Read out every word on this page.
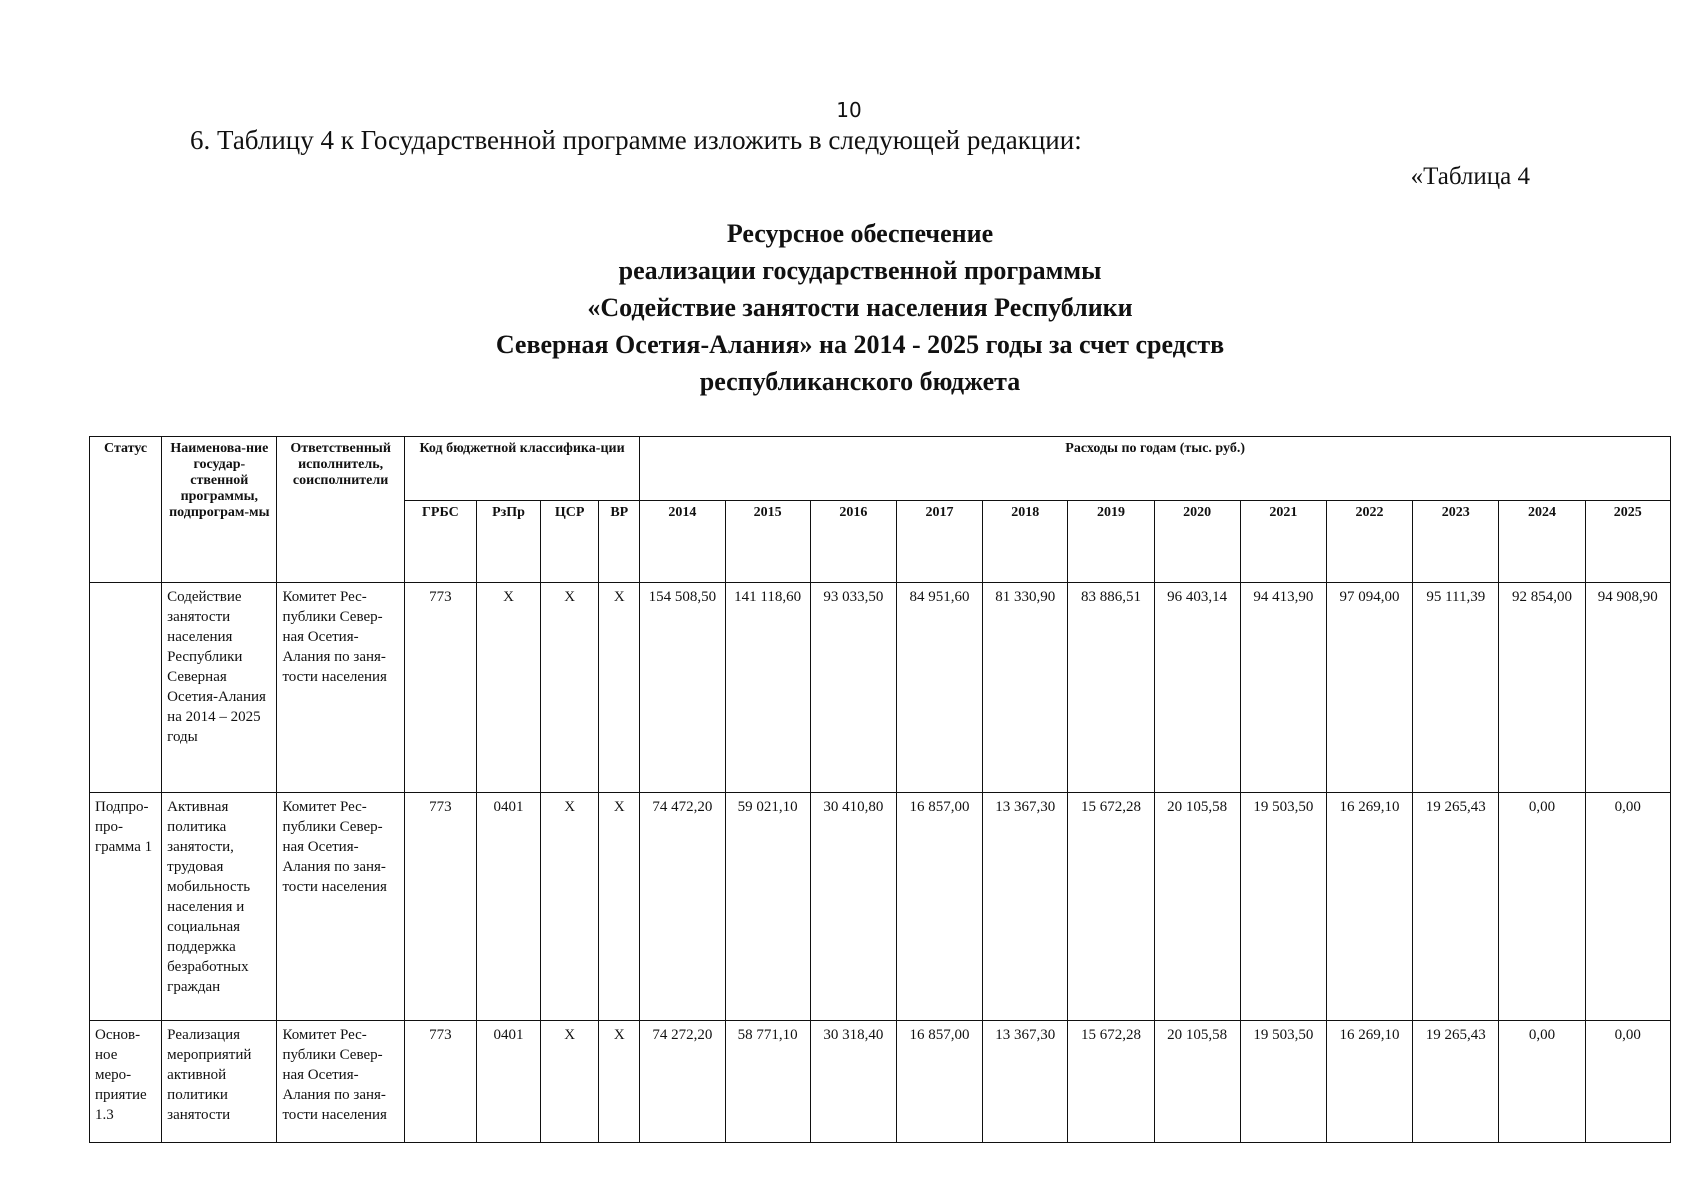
10
6. Таблицу 4 к Государственной программе изложить в следующей редакции:
«Таблица 4
Ресурсное обеспечение
реализации государственной программы
«Содействие занятости населения Республики
Северная Осетия-Алания» на 2014 - 2025 годы за счет средств
республиканского бюджета
Статус	Наименова-ние государ-ственной программы, подпрограм-мы	Ответственный исполнитель, соисполнители	Код бюджетной классифика-ции				Расходы по годам (тыс. руб.)											
			ГРБС	РзПр	ЦСР	ВР	2014	2015	2016	2017	2018	2019	2020	2021	2022	2023	2024	2025
	Содействие занятости населения Республики Северная Осетия-Алания на 2014 – 2025 годы	Комитет Рес-публики Север-ная Осетия-Алания по заня-тости населения	773	Х	Х	Х	154 508,50	141 118,60	93 033,50	84 951,60	81 330,90	83 886,51	96 403,14	94 413,90	97 094,00	95 111,39	92 854,00	94 908,90
Подпро-про-грамма 1	Активная политика занятости, трудовая мобильность населения и социальная поддержка безработных граждан	Комитет Рес-публики Север-ная Осетия-Алания по заня-тости населения	773	0401	Х	Х	74 472,20	59 021,10	30 410,80	16 857,00	13 367,30	15 672,28	20 105,58	19 503,50	16 269,10	19 265,43	0,00	0,00
Основ-ное меро-приятие 1.3	Реализация мероприятий активной политики занятости	Комитет Рес-публики Север-ная Осетия-Алания по заня-тости населения	773	0401	Х	Х	74 272,20	58 771,10	30 318,40	16 857,00	13 367,30	15 672,28	20 105,58	19 503,50	16 269,10	19 265,43	0,00	0,00
